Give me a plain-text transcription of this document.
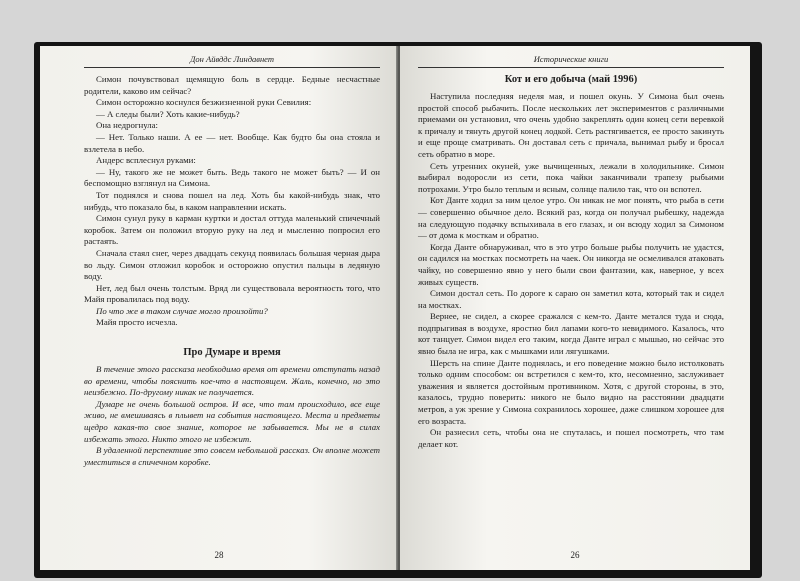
Дон Айвддс Линдавнет

Симон почувствовал щемящую боль в сердце. Бедные несчастные родители, каково им сейчас?

Симон осторожно коснулся безжизненной руки Севилия:

— А следы были? Хоть какие-нибудь?

Она недрогнула:

— Нет. Только наши. А ее — нет. Вообще. Как будто бы она стояла и взлетела в небо.

Андерс всплеснул руками:

— Ну, такого же не может быть. Ведь такого не может быть? — И он беспомощно взглянул на Симона.

Тот поднялся и снова пошел на лед. Хоть бы какой-нибудь знак, что нибудь, что показало бы, в каком направлении искать.

Симон сунул руку в карман куртки и достал оттуда маленький спичечный коробок. Затем он положил вторую руку на лед и мысленно попросил его растаять.

Сначала стаял снег, через двадцать секунд появилась большая черная дыра во льду. Симон отложил коробок и осторожно опустил пальцы в ледяную воду.

Нет, лед был очень толстым. Вряд ли существовала вероятность того, что Майя провалилась под воду.

По что же в таком случае могло произойти?

Майя просто исчезла.

Про Думаре и время

В течение этого рассказа необходимо время от времени отступать назад во времени, чтобы пояснить кое-что в настоящем. Жаль, конечно, но это неизбежно. По-другому никак не получается.

Думаре не очень большой остров. И все, что там происходило, все еще живо, не вмешиваясь в плывет на события настоящего. Места и предметы щедро какая-то свое знание, которое не забывается. Мы не в силах избежать этого. Никто этого не избежит.

В удаленной перспективе это совсем небольшой рассказ. Он вполне может уместиться в спичечном коробке.

28
Исторические книги
Кот и его добыча (май 1996)

Наступила последняя неделя мая, и пошел окунь. У Симона был очень простой способ рыбачить. После нескольких лет экспериментов с различными приемами он установил, что очень удобно закреплять один конец сети веревкой к причалу и тянуть другой конец лодкой. Сеть растягивается, ее просто закинуть и еще проще сматривать. Он доставал сеть с причала, вынимал рыбу и бросал сеть обратно в море.

Сеть утренних окуней, уже вычищенных, лежали в холодильнике. Симон выбирал водоросли из сети, пока чайки заканчивали трапезу рыбьими потрохами. Утро было теплым и ясным, солнце палило так, что он вспотел.

Кот Данте ходил за ним целое утро. Он никак не мог понять, что рыба в сети — совершенно обычное дело. Всякий раз, когда он получал рыбешку, надежда на следующую подачку вспыхивала в его глазах, и он всюду ходил за Симоном — от дома к мосткам и обратно.

Когда Данте обнаруживал, что в это утро больше рыбы получить не удастся, он садился на мостках посмотреть на чаек. Он никогда не осмеливался атаковать чайку, но совершенно явно у него были свои фантазии, как, наверное, у всех живых существ.

Симон достал сеть. По дороге к сараю он заметил кота, который так и сидел на мостках.

Вернее, не сидел, а скорее сражался с кем-то. Данте метался туда и сюда, подпрыгивая в воздухе, яростно бил лапами кого-то невидимого. Казалось, что кот танцует. Симон видел его таким, когда Данте играл с мышью, но сейчас это явно была не игра, как с мышками или лягушками.

Шерсть на спине Данте поднялась, и его поведение можно было истолковать только одним способом: он встретился с кем-то, кто, несомненно, заслуживает уважения и является достойным противником. Хотя, с другой стороны, в это, казалось, трудно поверить: никого не было видно на расстоянии двадцати метров, а уж зрение у Симона сохранилось хорошее, даже слишком хорошее для его возраста.

Он разнесил сеть, чтобы она не спуталась, и пошел посмотреть, что там делает кот.

26
